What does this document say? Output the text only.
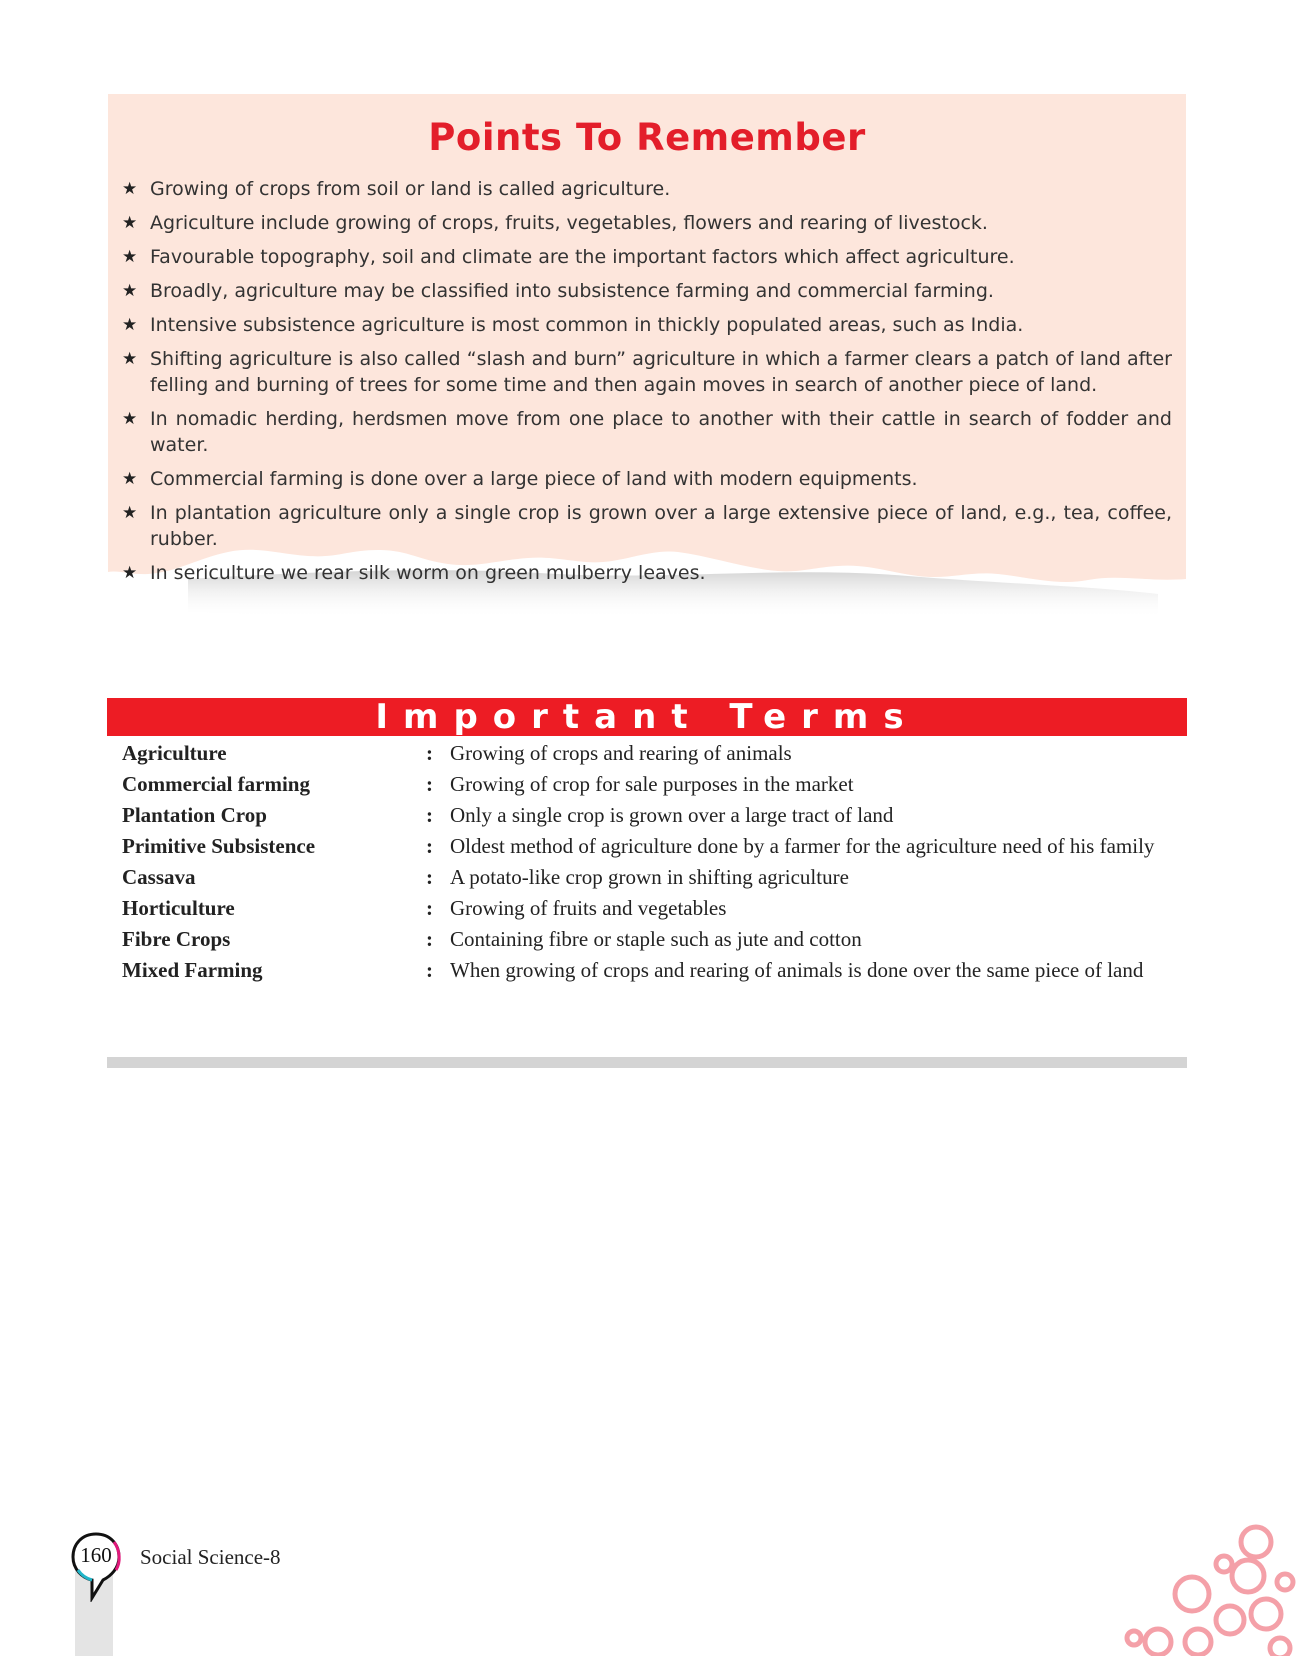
Points To Remember
★ Growing of crops from soil or land is called agriculture.
★ Agriculture include growing of crops, fruits, vegetables, flowers and rearing of livestock.
★ Favourable topography, soil and climate are the important factors which affect agriculture.
★ Broadly, agriculture may be classified into subsistence farming and commercial farming.
★ Intensive subsistence agriculture is most common in thickly populated areas, such as India.
★ Shifting agriculture is also called “slash and burn” agriculture in which a farmer clears a patch of land after felling and burning of trees for some time and then again moves in search of another piece of land.
★ In nomadic herding, herdsmen move from one place to another with their cattle in search of fodder and water.
★ Commercial farming is done over a large piece of land with modern equipments.
★ In plantation agriculture only a single crop is grown over a large extensive piece of land, e.g., tea, coffee, rubber.
★ In sericulture we rear silk worm on green mulberry leaves.
Important Terms
Agriculture	:	Growing of crops and rearing of animals
Commercial farming	:	Growing of crop for sale purposes in the market
Plantation Crop	:	Only a single crop is grown over a large tract of land
Primitive Subsistence	:	Oldest method of agriculture done by a farmer for the agriculture need of his family
Cassava	:	A potato-like crop grown in shifting agriculture
Horticulture	:	Growing of fruits and vegetables
Fibre Crops	:	Containing fibre or staple such as jute and cotton
Mixed Farming	:	When growing of crops and rearing of animals is done over the same piece of land
160	Social Science-8
